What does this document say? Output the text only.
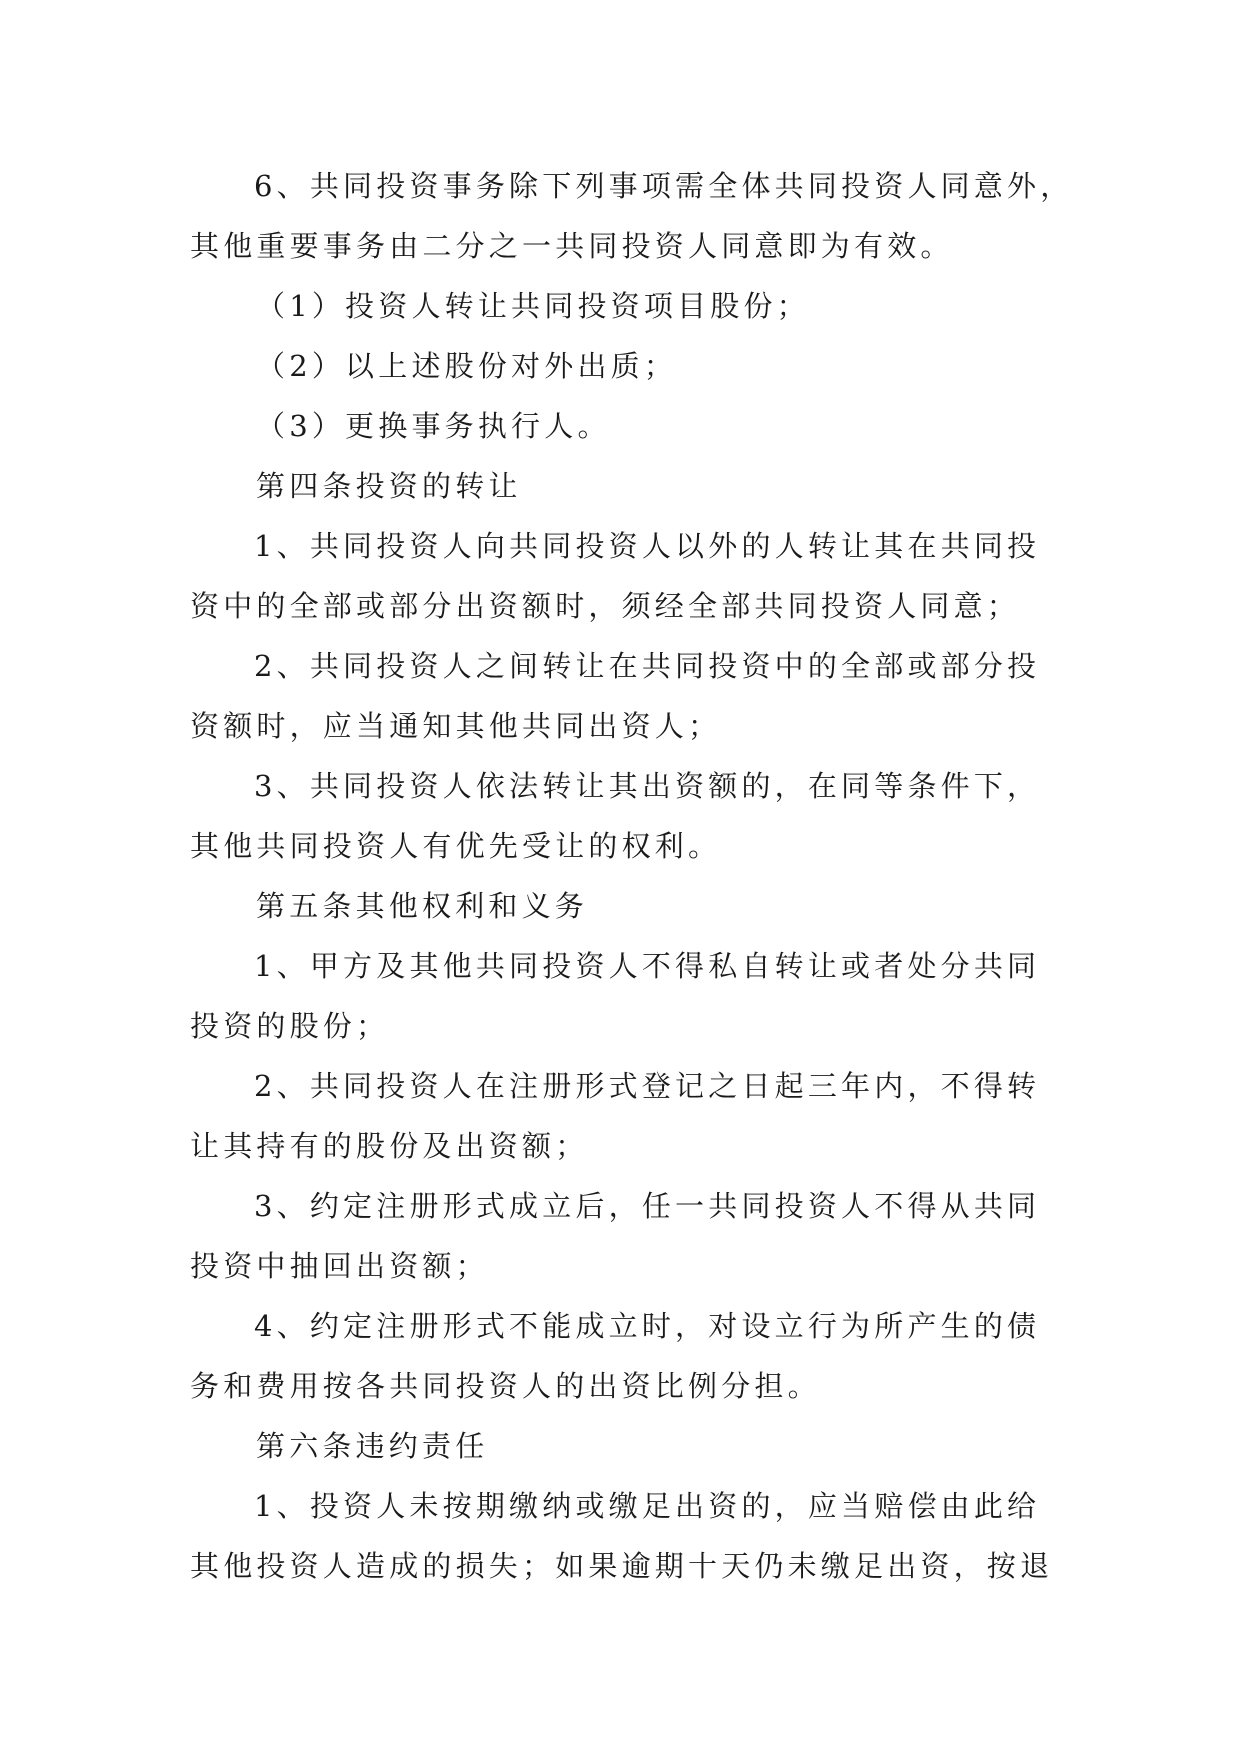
6、共同投资事务除下列事项需全体共同投资人同意外，
其他重要事务由二分之一共同投资人同意即为有效。
（1）投资人转让共同投资项目股份；
（2）以上述股份对外出质；
（3）更换事务执行人。
第四条投资的转让
1、共同投资人向共同投资人以外的人转让其在共同投
资中的全部或部分出资额时，须经全部共同投资人同意；
2、共同投资人之间转让在共同投资中的全部或部分投
资额时，应当通知其他共同出资人；
3、共同投资人依法转让其出资额的，在同等条件下，
其他共同投资人有优先受让的权利。
第五条其他权利和义务
1、甲方及其他共同投资人不得私自转让或者处分共同
投资的股份；
2、共同投资人在注册形式登记之日起三年内，不得转
让其持有的股份及出资额；
3、约定注册形式成立后，任一共同投资人不得从共同
投资中抽回出资额；
4、约定注册形式不能成立时，对设立行为所产生的债
务和费用按各共同投资人的出资比例分担。
第六条违约责任
1、投资人未按期缴纳或缴足出资的，应当赔偿由此给
其他投资人造成的损失；如果逾期十天仍未缴足出资，按退
